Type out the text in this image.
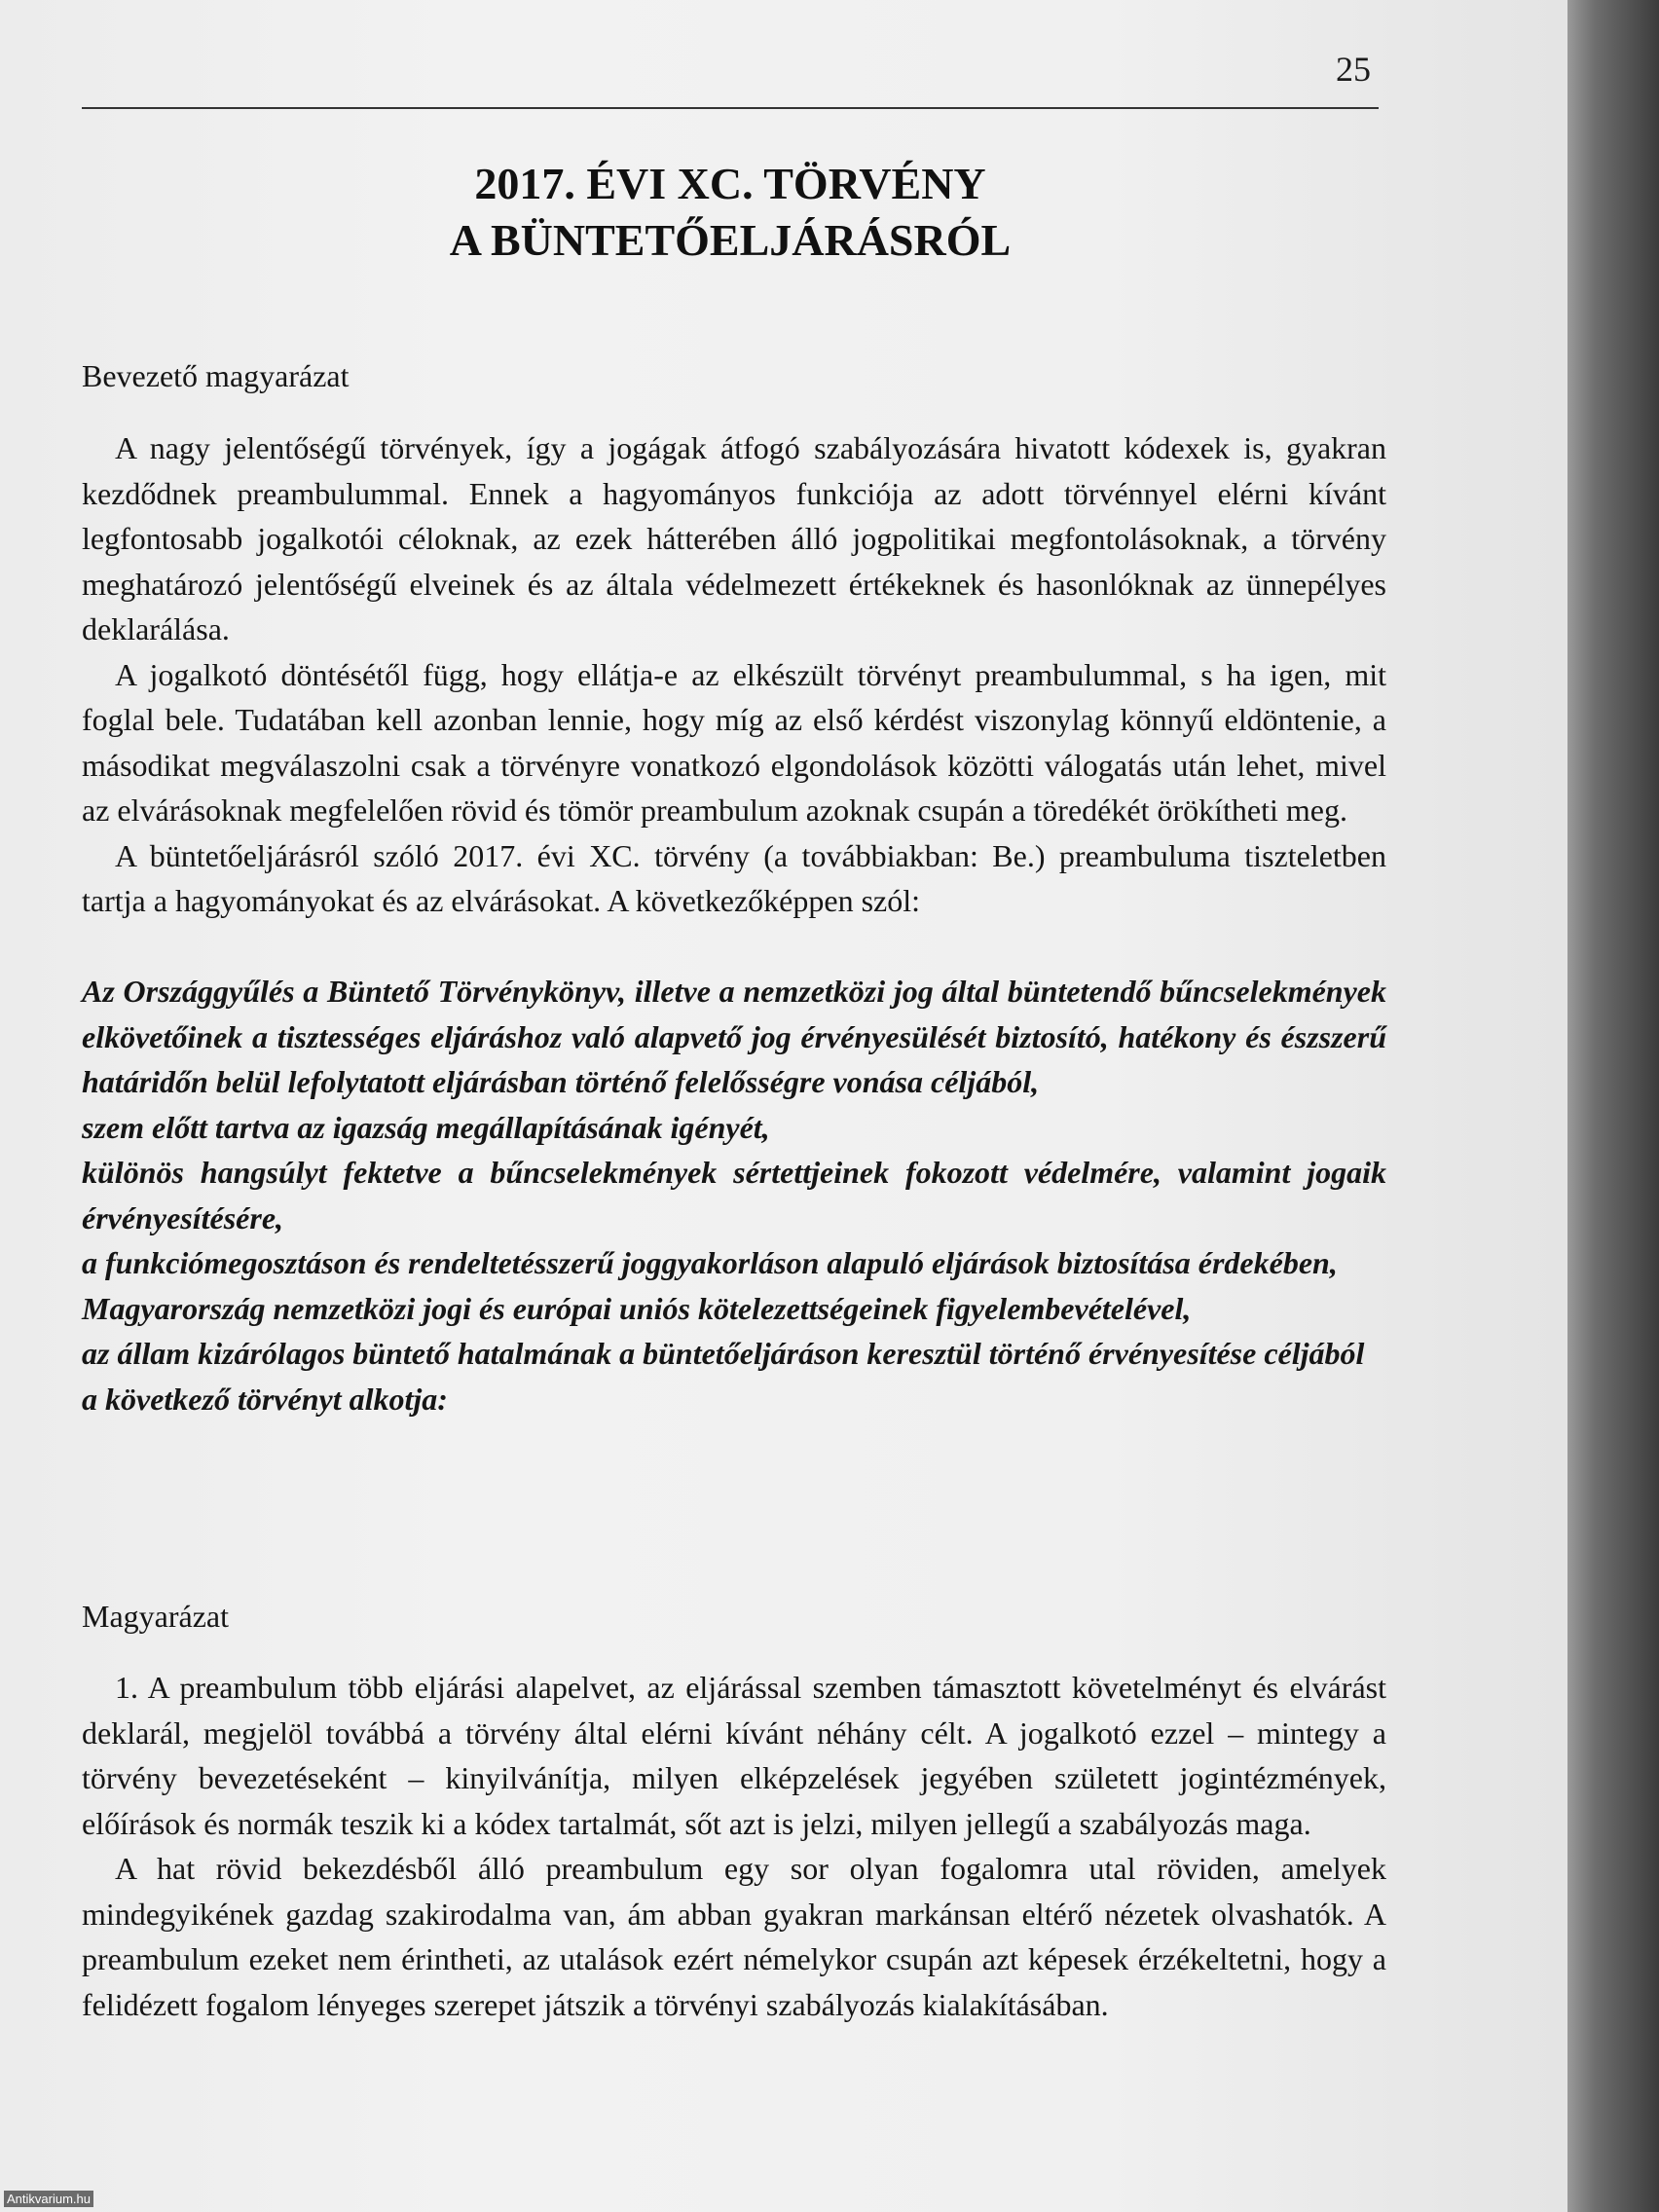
25
2017. ÉVI XC. TÖRVÉNY
A BÜNTETŐELJÁRÁSRÓL
Bevezető magyarázat

A nagy jelentőségű törvények, így a jogágak átfogó szabályozására hivatott kódexek is, gyakran kezdődnek preambulummal. Ennek a hagyományos funkciója az adott törvénnyel elérni kívánt legfontosabb jogalkotói céloknak, az ezek hátterében álló jogpolitikai megfontolásoknak, a törvény meghatározó jelentőségű elveinek és az általa védelmezett értékeknek és hasonlóknak az ünnepélyes deklarálása.

A jogalkotó döntésétől függ, hogy ellátja-e az elkészült törvényt preambulummal, s ha igen, mit foglal bele. Tudatában kell azonban lennie, hogy míg az első kérdést viszonylag könnyű eldöntenie, a másodikat megválaszolni csak a törvényre vonatkozó elgondolások közötti válogatás után lehet, mivel az elvárásoknak megfelelően rövid és tömör preambulum azoknak csupán a töredékét örökítheti meg.

A büntetőeljárásról szóló 2017. évi XC. törvény (a továbbiakban: Be.) preambuluma tiszteletben tartja a hagyományokat és az elvárásokat. A következőképpen szól:

Az Országgyűlés a Büntető Törvénykönyv, illetve a nemzetközi jog által büntetendő bűncselekmények elkövetőinek a tisztességes eljáráshoz való alapvető jog érvényesülését biztosító, hatékony és észszerű határidőn belül lefolytatott eljárásban történő felelősségre vonása céljából,

szem előtt tartva az igazság megállapításának igényét,

különös hangsúlyt fektetve a bűncselekmények sértettjeinek fokozott védelmére, valamint jogaik érvényesítésére,

a funkciómegosztáson és rendeltetésszerű joggyakorláson alapuló eljárások biztosítása érdekében,

Magyarország nemzetközi jogi és európai uniós kötelezettségeinek figyelembevételével,

az állam kizárólagos büntető hatalmának a büntetőeljáráson keresztül történő érvényesítése céljából

a következő törvényt alkotja:

Magyarázat

1. A preambulum több eljárási alapelvet, az eljárással szemben támasztott követelményt és elvárást deklarál, megjelöl továbbá a törvény által elérni kívánt néhány célt. A jogalkotó ezzel – mintegy a törvény bevezetéseként – kinyilvánítja, milyen elképzelések jegyében született jogintézmények, előírások és normák teszik ki a kódex tartalmát, sőt azt is jelzi, milyen jellegű a szabályozás maga.

A hat rövid bekezdésből álló preambulum egy sor olyan fogalomra utal röviden, amelyek mindegyikének gazdag szakirodalma van, ám abban gyakran markánsan eltérő nézetek olvashatók. A preambulum ezeket nem érintheti, az utalások ezért némelykor csupán azt képesek érzékeltetni, hogy a felidézett fogalom lényeges szerepet játszik a törvényi szabályozás kialakításában.

Antikvarium.hu
